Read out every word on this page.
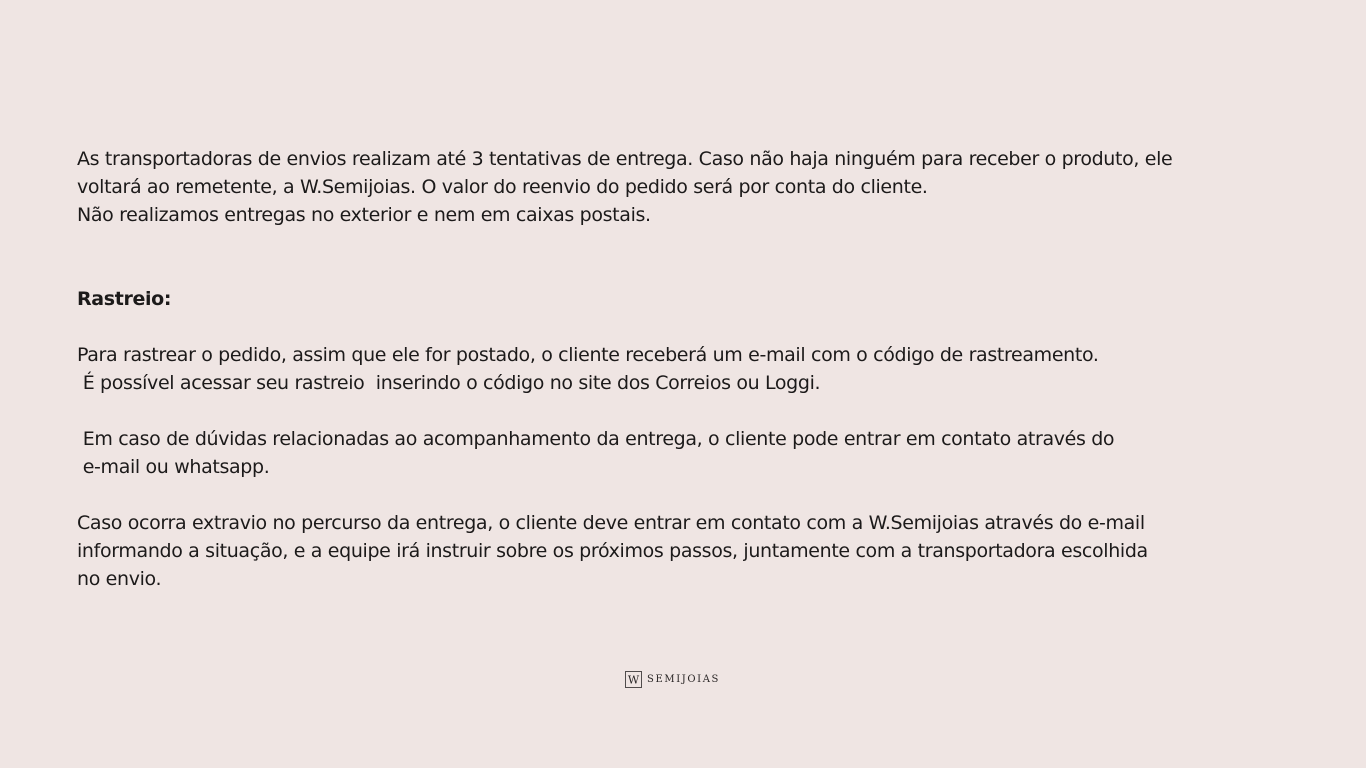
As transportadoras de envios realizam até 3 tentativas de entrega. Caso não haja ninguém para receber o produto, ele
voltará ao remetente, a W.Semijoias. O valor do reenvio do pedido será por conta do cliente.
Não realizamos entregas no exterior e nem em caixas postais.
Rastreio:
Para rastrear o pedido, assim que ele for postado, o cliente receberá um e-mail com o código de rastreamento.
É possível acessar seu rastreio  inserindo o código no site dos Correios ou Loggi.
Em caso de dúvidas relacionadas ao acompanhamento da entrega, o cliente pode entrar em contato através do
e-mail ou whatsapp.
Caso ocorra extravio no percurso da entrega, o cliente deve entrar em contato com a W.Semijoias através do e-mail
informando a situação, e a equipe irá instruir sobre os próximos passos, juntamente com a transportadora escolhida
no envio.
W SEMIJOIAS
